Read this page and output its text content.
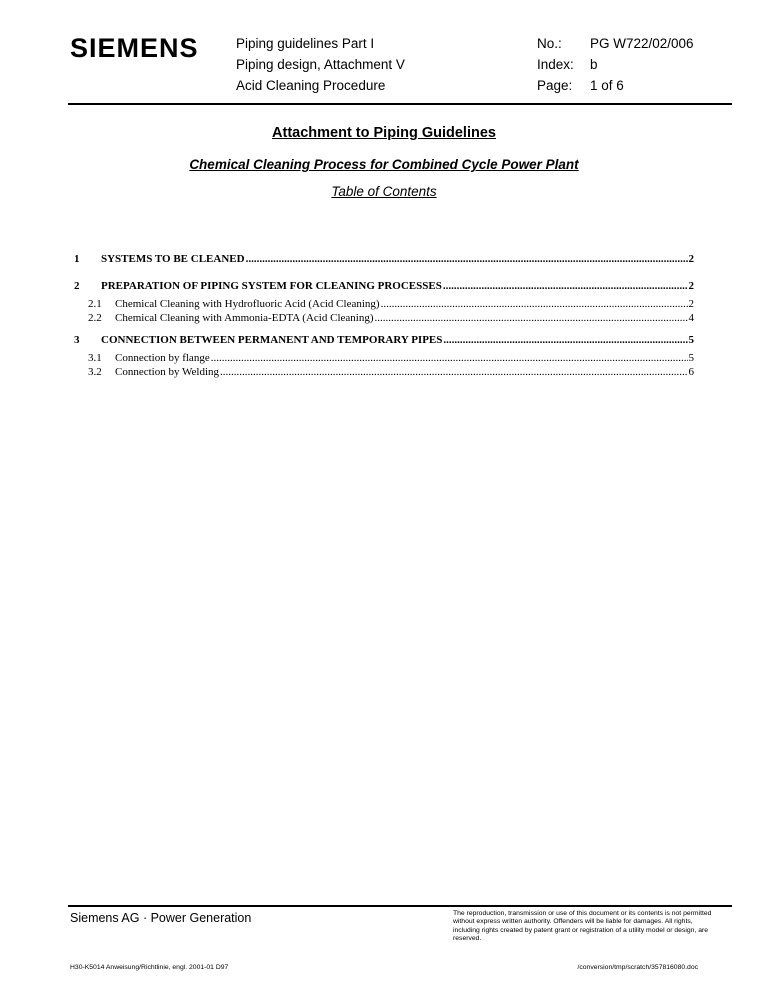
SIEMENS	Piping guidelines Part I
Piping design, Attachment V
Acid Cleaning Procedure
No.: PG W722/02/006
Index: b
Page: 1 of 6
Attachment to Piping Guidelines
Chemical Cleaning Process for Combined Cycle Power Plant
Table of Contents
1	SYSTEMS TO BE CLEANED .....	2
2	PREPARATION OF PIPING SYSTEM FOR CLEANING PROCESSES .....	2
2.1	Chemical Cleaning with Hydrofluoric Acid (Acid Cleaning) .....	2
2.2	Chemical Cleaning with Ammonia-EDTA (Acid Cleaning) .....	4
3	CONNECTION BETWEEN PERMANENT AND TEMPORARY PIPES .....	5
3.1	Connection by flange .....	5
3.2	Connection by Welding .....	6
Siemens AG · Power Generation	The reproduction, transmission or use of this document or its contents is not permitted without express written authority. Offenders will be liable for damages. All rights, including rights created by patent grant or registration of a utility model or design, are reserved.
H30-K5014 Anweisung/Richtlinie, engl. 2001-01 D97	/conversion/tmp/scratch/357816080.doc
